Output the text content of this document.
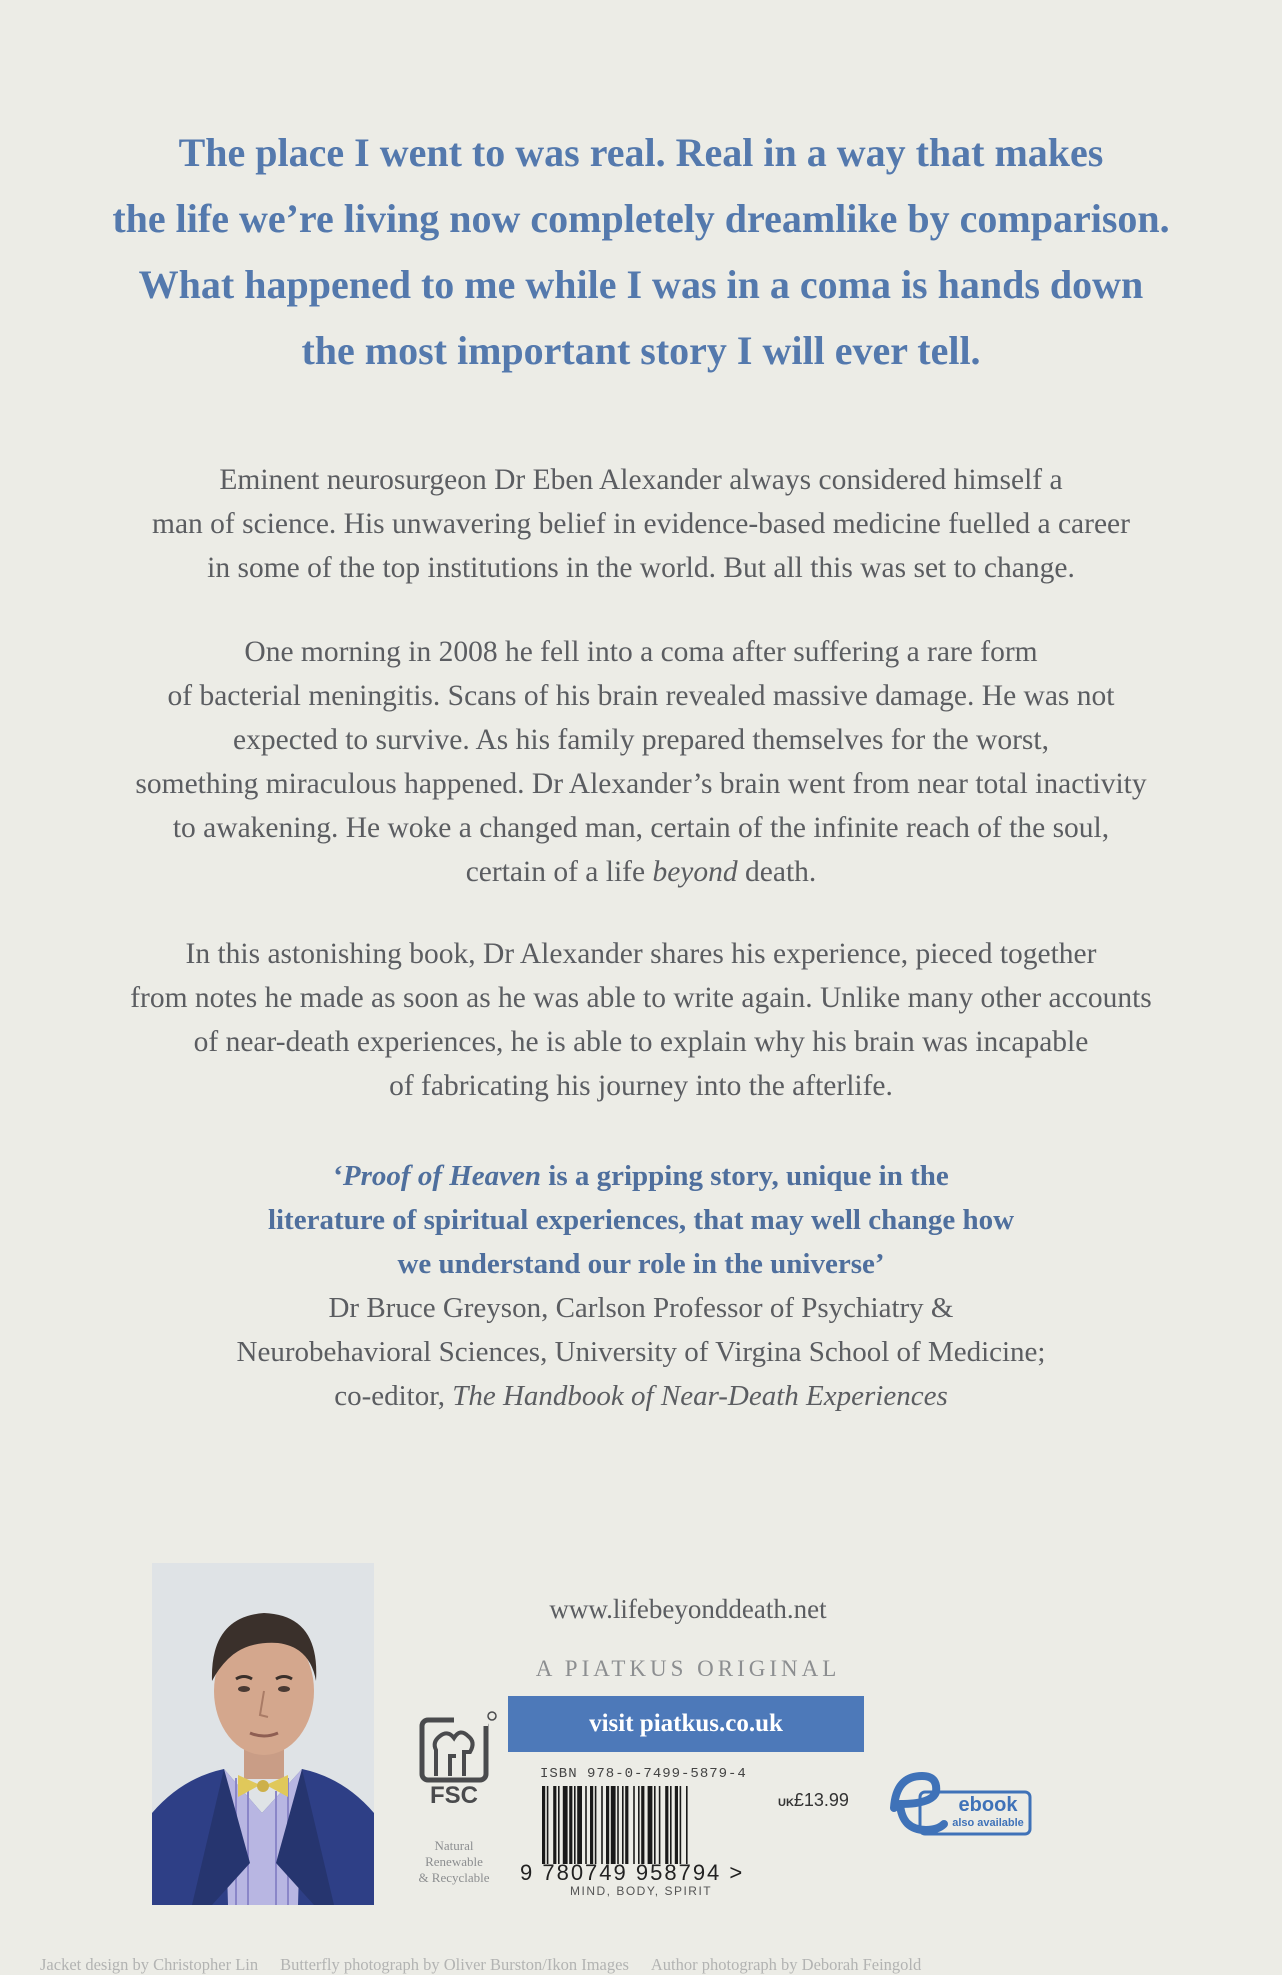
The place I went to was real. Real in a way that makes
the life we’re living now completely dreamlike by comparison.
What happened to me while I was in a coma is hands down
the most important story I will ever tell.
Eminent neurosurgeon Dr Eben Alexander always considered himself a
man of science. His unwavering belief in evidence-based medicine fuelled a career
in some of the top institutions in the world. But all this was set to change.
One morning in 2008 he fell into a coma after suffering a rare form
of bacterial meningitis. Scans of his brain revealed massive damage. He was not
expected to survive. As his family prepared themselves for the worst,
something miraculous happened. Dr Alexander’s brain went from near total inactivity
to awakening. He woke a changed man, certain of the infinite reach of the soul,
certain of a life beyond death.
In this astonishing book, Dr Alexander shares his experience, pieced together
from notes he made as soon as he was able to write again. Unlike many other accounts
of near-death experiences, he is able to explain why his brain was incapable
of fabricating his journey into the afterlife.
‘Proof of Heaven is a gripping story, unique in the
literature of spiritual experiences, that may well change how
we understand our role in the universe’
Dr Bruce Greyson, Carlson Professor of Psychiatry &
Neurobehavioral Sciences, University of Virgina School of Medicine;
co-editor, The Handbook of Near-Death Experiences
www.lifebeyonddeath.net
A PIATKUS ORIGINAL
visit piatkus.co.uk
FSC
Natural
Renewable
& Recyclable
ISBN 978-0-7499-5879-4
UK£13.99
9 780749 958794 >
MIND, BODY, SPIRIT
ebook
also available
Jacket design by Christopher Lin Butterfly photograph by Oliver Burston/Ikon Images Author photograph by Deborah Feingold
